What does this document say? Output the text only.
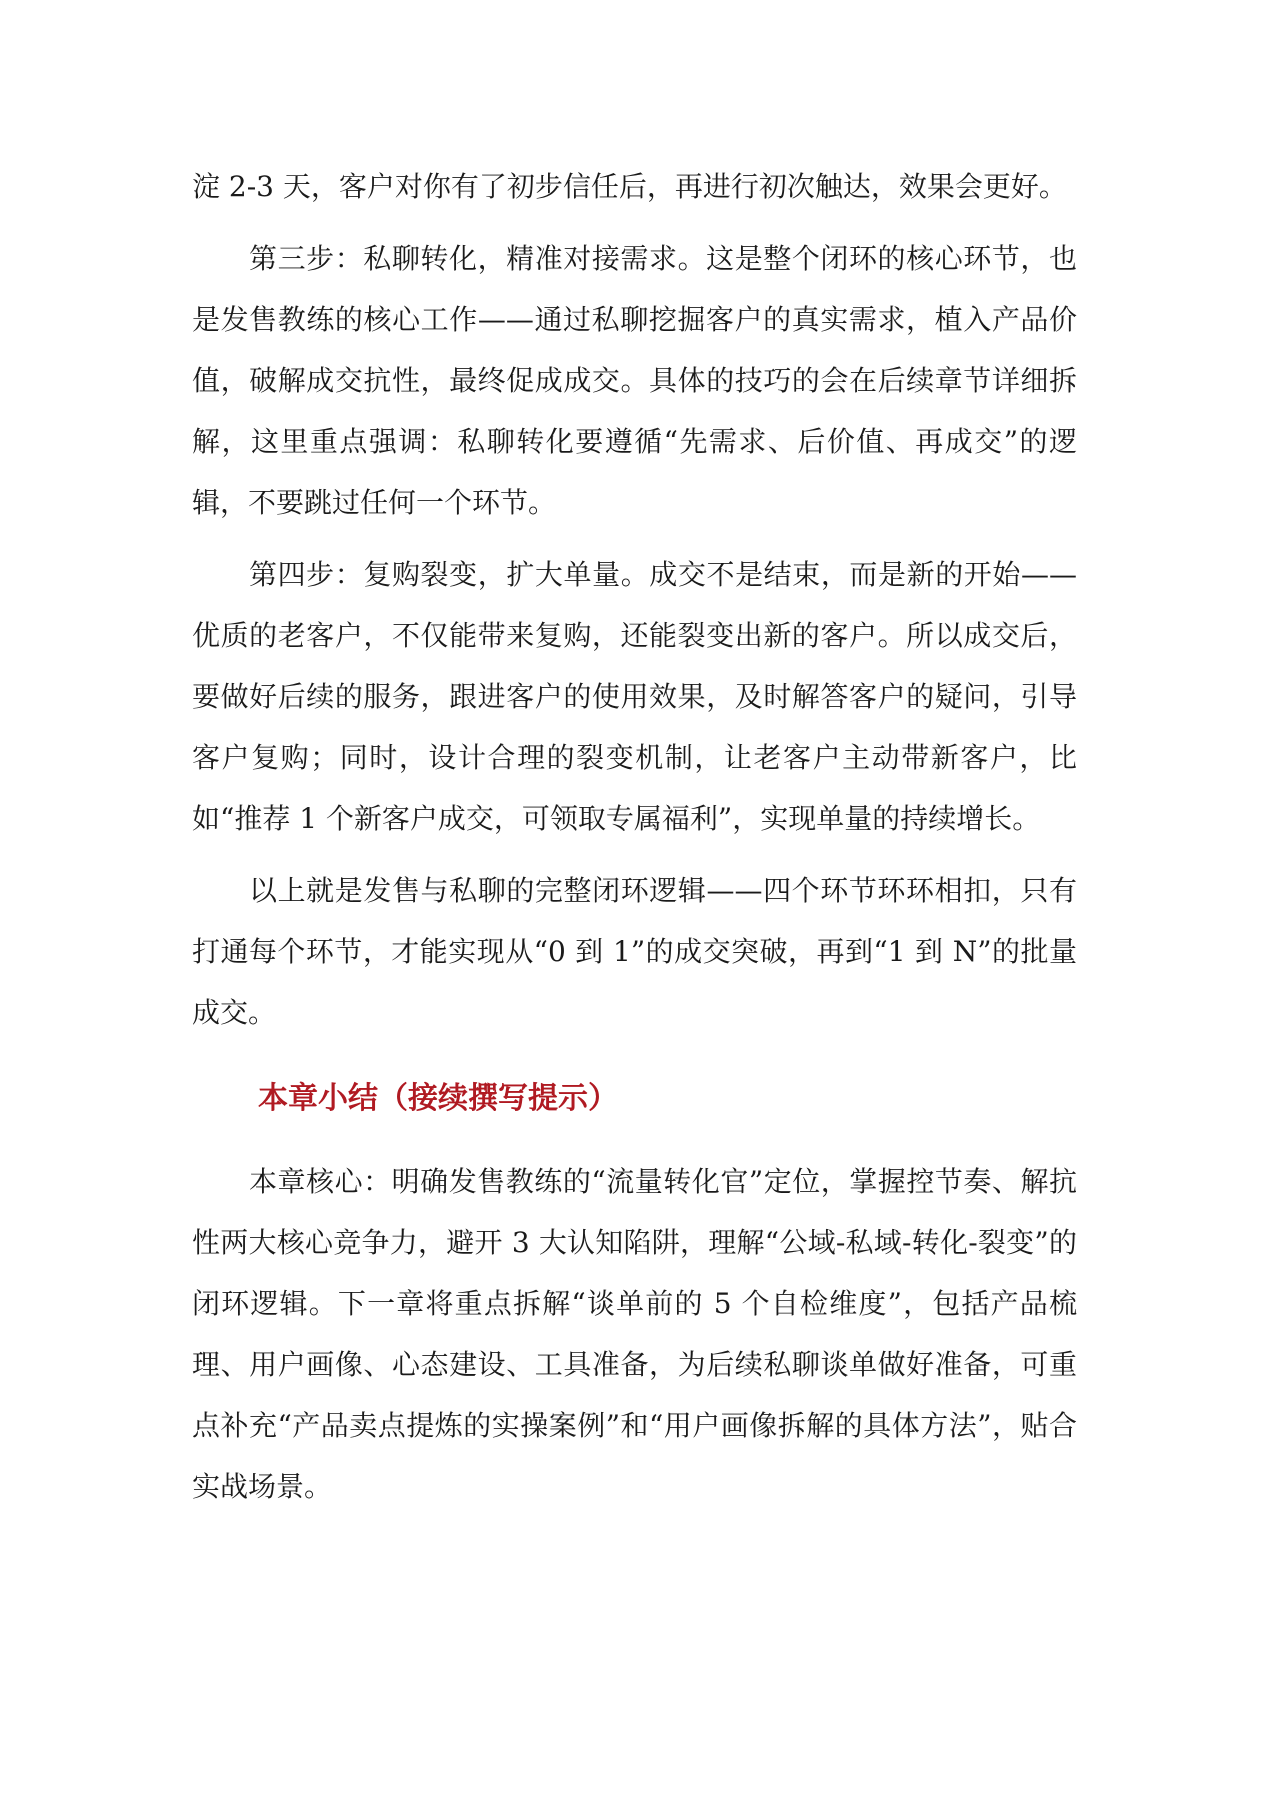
淀 2-3 天，客户对你有了初步信任后，再进行初次触达，效果会更好。

第三步：私聊转化，精准对接需求。这是整个闭环的核心环节，也是发售教练的核心工作——通过私聊挖掘客户的真实需求，植入产品价值，破解成交抗性，最终促成成交。具体的技巧的会在后续章节详细拆解，这里重点强调：私聊转化要遵循“先需求、后价值、再成交”的逻辑，不要跳过任何一个环节。

第四步：复购裂变，扩大单量。成交不是结束，而是新的开始——优质的老客户，不仅能带来复购，还能裂变出新的客户。所以成交后，要做好后续的服务，跟进客户的使用效果，及时解答客户的疑问，引导客户复购；同时，设计合理的裂变机制，让老客户主动带新客户，比如“推荐 1 个新客户成交，可领取专属福利”，实现单量的持续增长。

以上就是发售与私聊的完整闭环逻辑——四个环节环环相扣，只有打通每个环节，才能实现从“0 到 1”的成交突破，再到“1 到 N”的批量成交。

本章小结（接续撰写提示）

本章核心：明确发售教练的“流量转化官”定位，掌握控节奏、解抗性两大核心竞争力，避开 3 大认知陷阱，理解“公域-私域-转化-裂变”的闭环逻辑。下一章将重点拆解“谈单前的 5 个自检维度”，包括产品梳理、用户画像、心态建设、工具准备，为后续私聊谈单做好准备，可重点补充“产品卖点提炼的实操案例”和“用户画像拆解的具体方法”，贴合实战场景。
